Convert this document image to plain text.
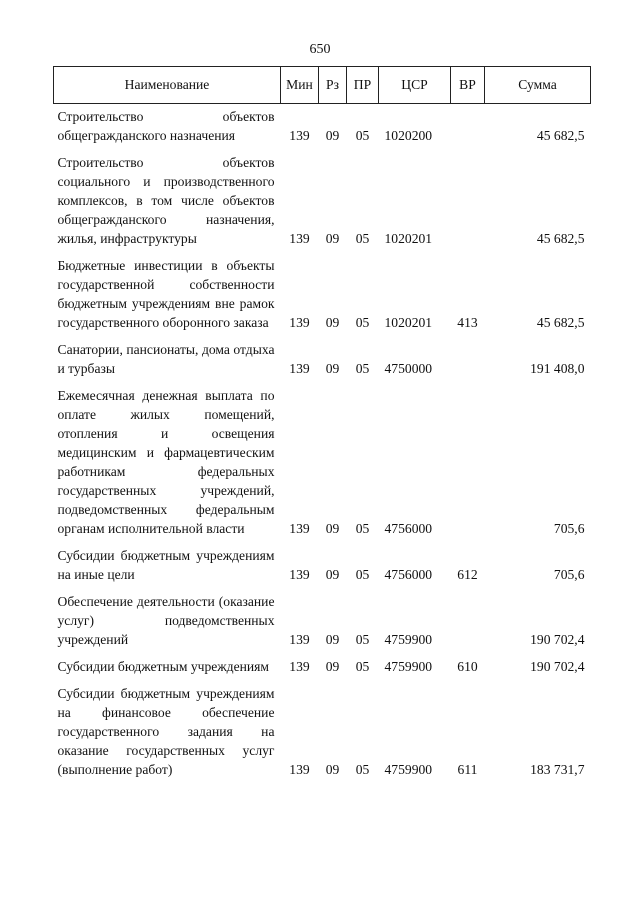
650
Наименование	Мин	Рз	ПР	ЦСР	ВР	Сумма
Строительство объектов общегражданского назначения	139	09	05	1020200		45 682,5
Строительство объектов социального и производственного комплексов, в том числе объектов общегражданского назначения, жилья, инфраструктуры	139	09	05	1020201		45 682,5
Бюджетные инвестиции в объекты государственной собственности бюджетным учреждениям вне рамок государственного оборонного заказа	139	09	05	1020201	413	45 682,5
Санатории, пансионаты, дома отдыха и турбазы	139	09	05	4750000		191 408,0
Ежемесячная денежная выплата по оплате жилых помещений, отопления и освещения медицинским и фармацевтическим работникам федеральных государственных учреждений, подведомственных федеральным органам исполнительной власти	139	09	05	4756000		705,6
Субсидии бюджетным учреждениям на иные цели	139	09	05	4756000	612	705,6
Обеспечение деятельности (оказание услуг) подведомственных учреждений	139	09	05	4759900		190 702,4
Субсидии бюджетным учреждениям	139	09	05	4759900	610	190 702,4
Субсидии бюджетным учреждениям на финансовое обеспечение государственного задания на оказание государственных услуг (выполнение работ)	139	09	05	4759900	611	183 731,7
